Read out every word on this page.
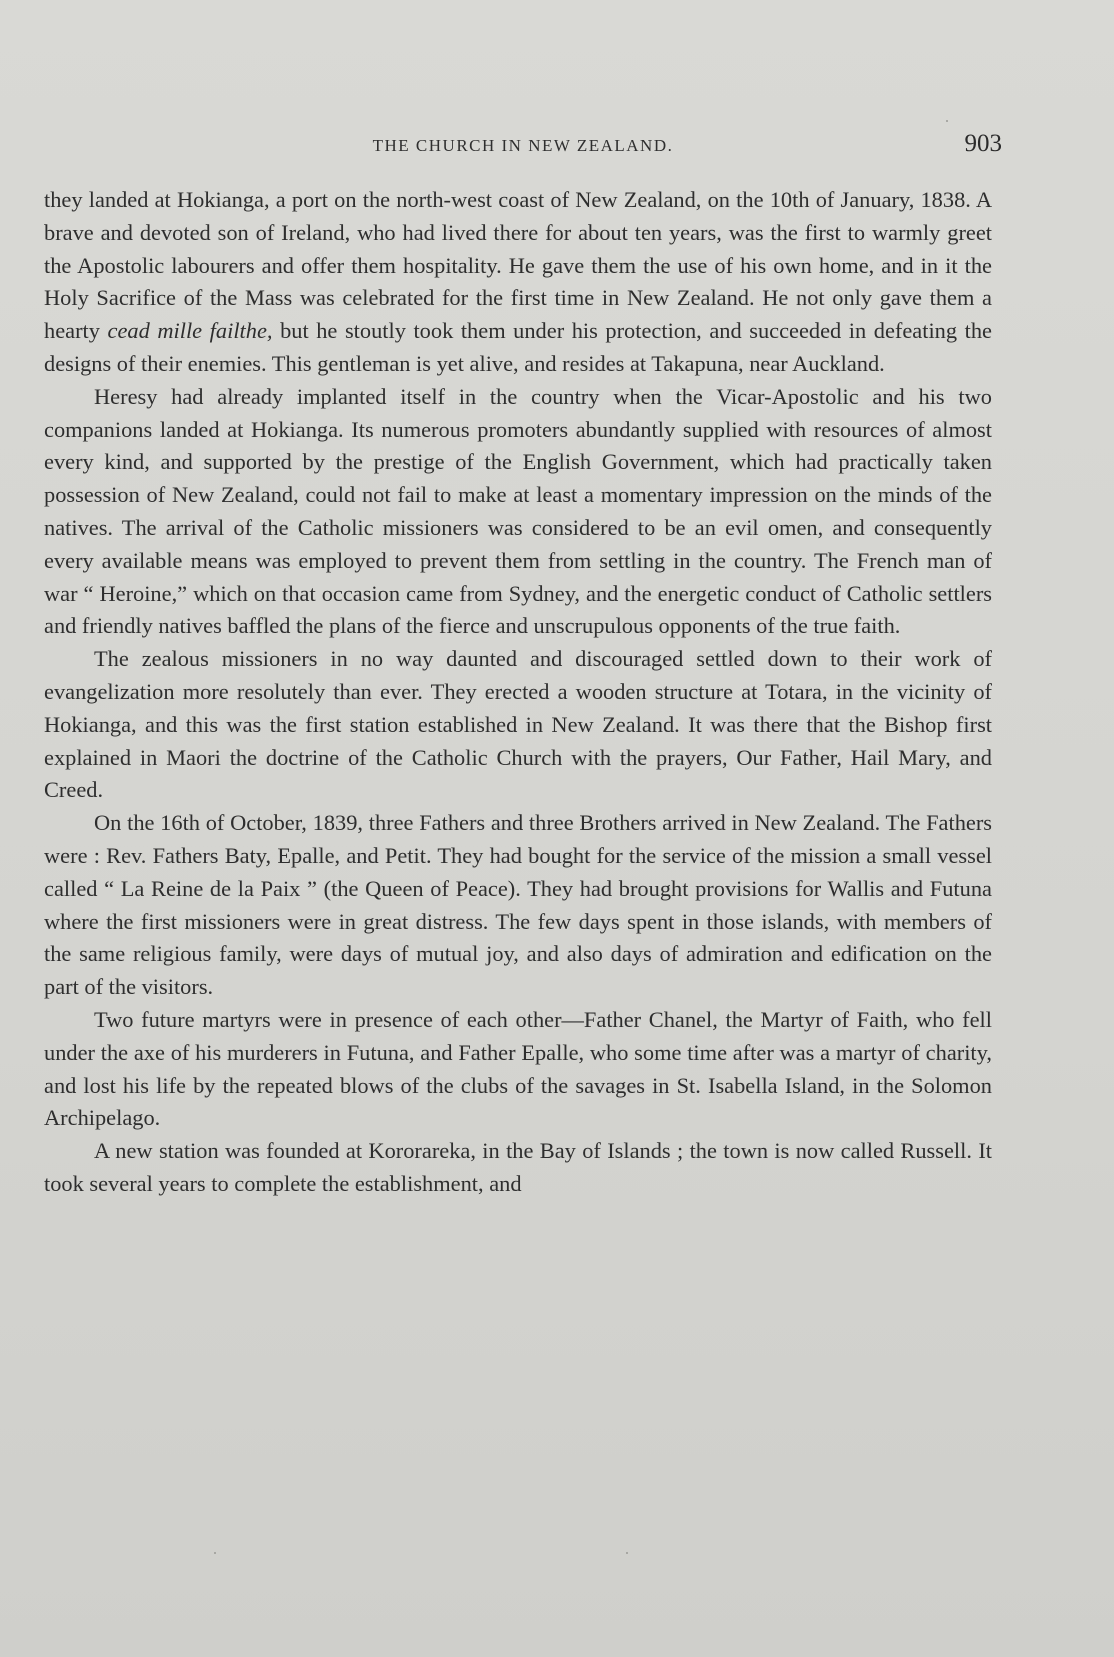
THE CHURCH IN NEW ZEALAND.	903

they landed at Hokianga, a port on the north-west coast of New Zealand, on the 10th of January, 1838. A brave and devoted son of Ireland, who had lived there for about ten years, was the first to warmly greet the Apostolic labourers and offer them hospitality. He gave them the use of his own home, and in it the Holy Sacrifice of the Mass was celebrated for the first time in New Zealand. He not only gave them a hearty cead mille failthe, but he stoutly took them under his protection, and succeeded in defeating the designs of their enemies. This gentleman is yet alive, and resides at Takapuna, near Auckland.

Heresy had already implanted itself in the country when the Vicar-Apostolic and his two companions landed at Hokianga. Its numerous promoters abundantly supplied with resources of almost every kind, and supported by the prestige of the English Government, which had practically taken possession of New Zealand, could not fail to make at least a momentary impression on the minds of the natives. The arrival of the Catholic missioners was considered to be an evil omen, and consequently every available means was employed to prevent them from settling in the country. The French man of war “ Heroine,” which on that occasion came from Sydney, and the energetic conduct of Catholic settlers and friendly natives baffled the plans of the fierce and unscrupulous opponents of the true faith.

The zealous missioners in no way daunted and discouraged settled down to their work of evangelization more resolutely than ever. They erected a wooden structure at Totara, in the vicinity of Hokianga, and this was the first station established in New Zealand. It was there that the Bishop first explained in Maori the doctrine of the Catholic Church with the prayers, Our Father, Hail Mary, and Creed.

On the 16th of October, 1839, three Fathers and three Brothers arrived in New Zealand. The Fathers were : Rev. Fathers Baty, Epalle, and Petit. They had bought for the service of the mission a small vessel called “ La Reine de la Paix ” (the Queen of Peace). They had brought provisions for Wallis and Futuna where the first missioners were in great distress. The few days spent in those islands, with members of the same religious family, were days of mutual joy, and also days of admiration and edification on the part of the visitors.

Two future martyrs were in presence of each other—Father Chanel, the Martyr of Faith, who fell under the axe of his murderers in Futuna, and Father Epalle, who some time after was a martyr of charity, and lost his life by the repeated blows of the clubs of the savages in St. Isabella Island, in the Solomon Archipelago.

A new station was founded at Kororareka, in the Bay of Islands ; the town is now called Russell. It took several years to complete the establishment, and
